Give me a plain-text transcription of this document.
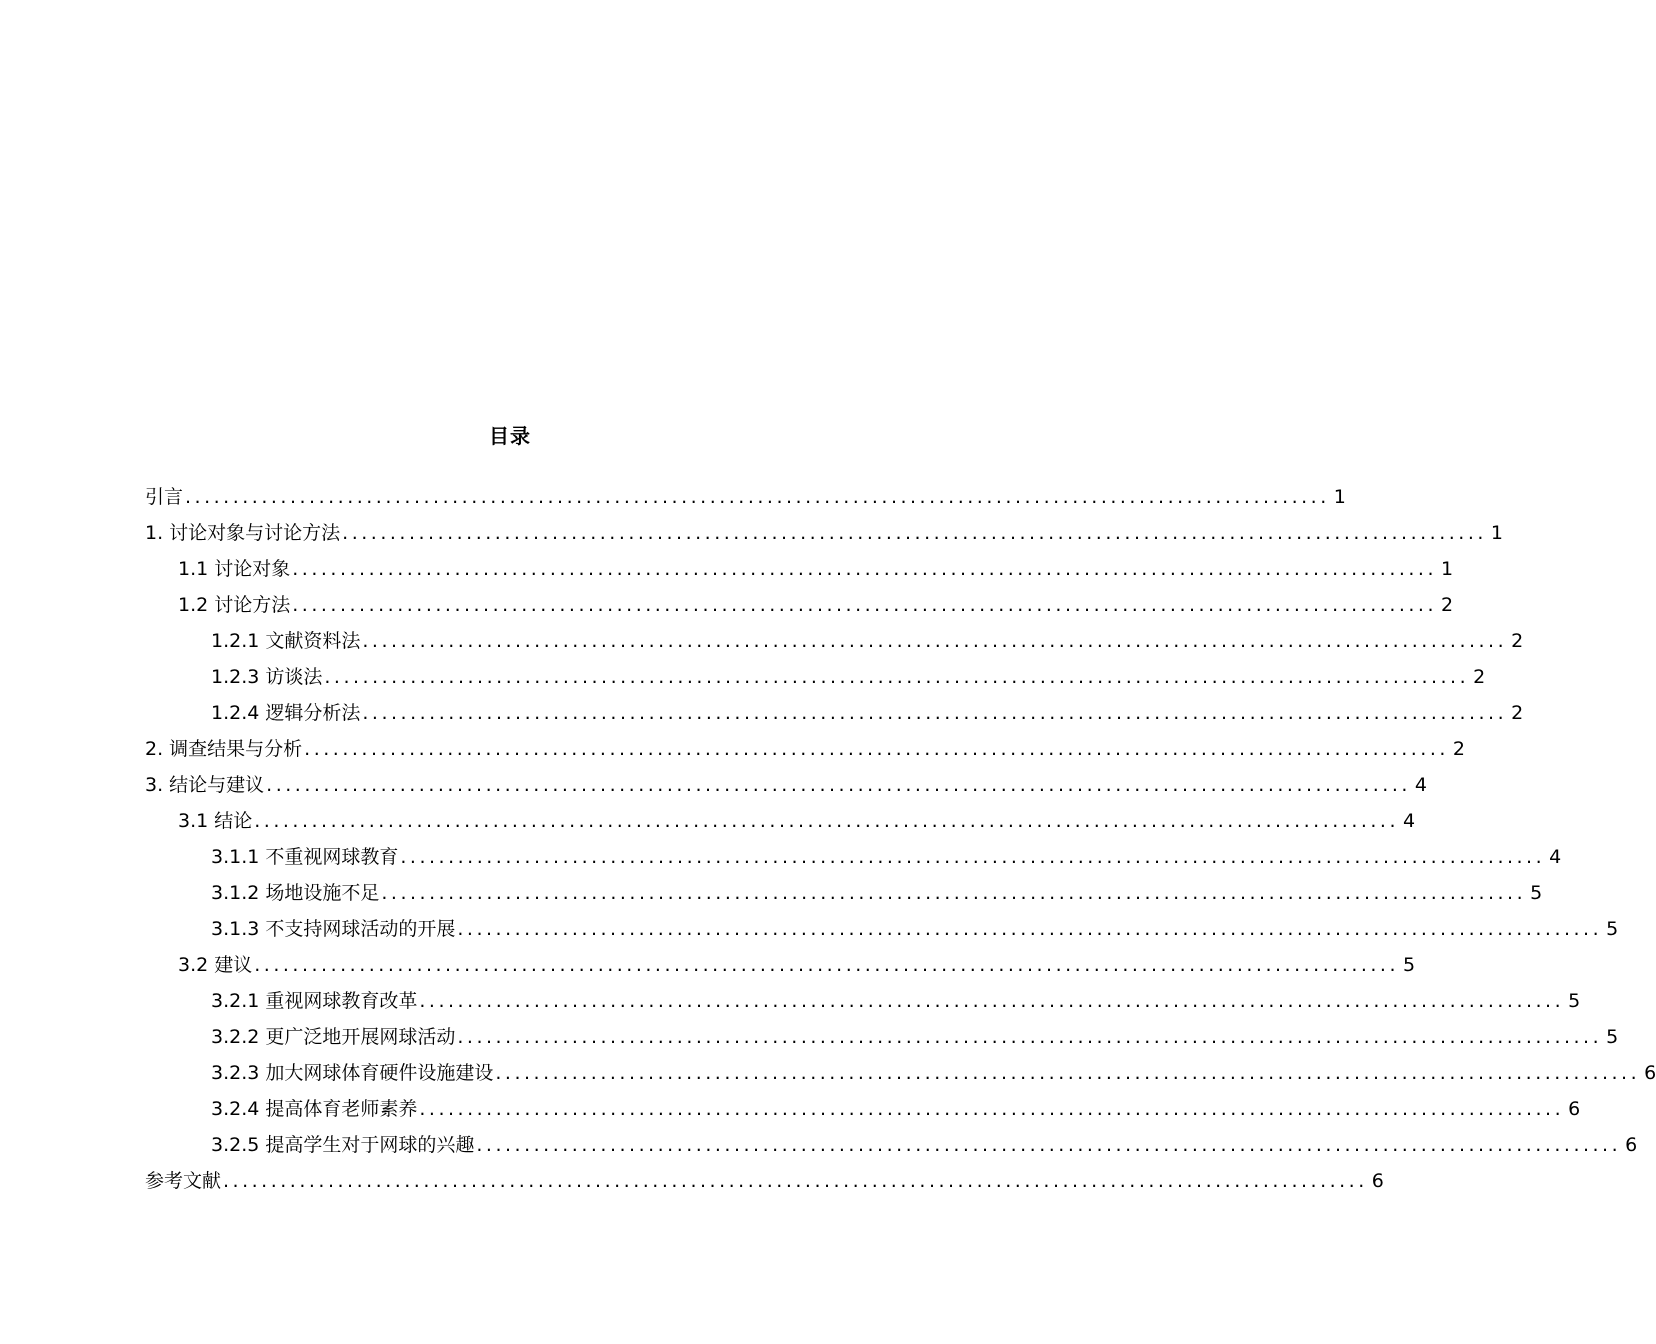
目录
引言 ........................................................................................................................ 1
1. 讨论对象与讨论方法 ........................................................................................................................ 1
1.1 讨论对象 ........................................................................................................................ 1
1.2 讨论方法 ........................................................................................................................ 2
1.2.1 文献资料法 ........................................................................................................................ 2
1.2.3 访谈法 ........................................................................................................................ 2
1.2.4 逻辑分析法 ........................................................................................................................ 2
2. 调查结果与分析 ........................................................................................................................ 2
3. 结论与建议 ........................................................................................................................ 4
3.1 结论 ........................................................................................................................ 4
3.1.1 不重视网球教育 ........................................................................................................................ 4
3.1.2 场地设施不足 ........................................................................................................................ 5
3.1.3 不支持网球活动的开展 ........................................................................................................................ 5
3.2 建议 ........................................................................................................................ 5
3.2.1 重视网球教育改革 ........................................................................................................................ 5
3.2.2 更广泛地开展网球活动 ........................................................................................................................ 5
3.2.3 加大网球体育硬件设施建设 ........................................................................................................................ 6
3.2.4 提高体育老师素养 ........................................................................................................................ 6
3.2.5 提高学生对于网球的兴趣 ........................................................................................................................ 6
参考文献 ........................................................................................................................ 6
